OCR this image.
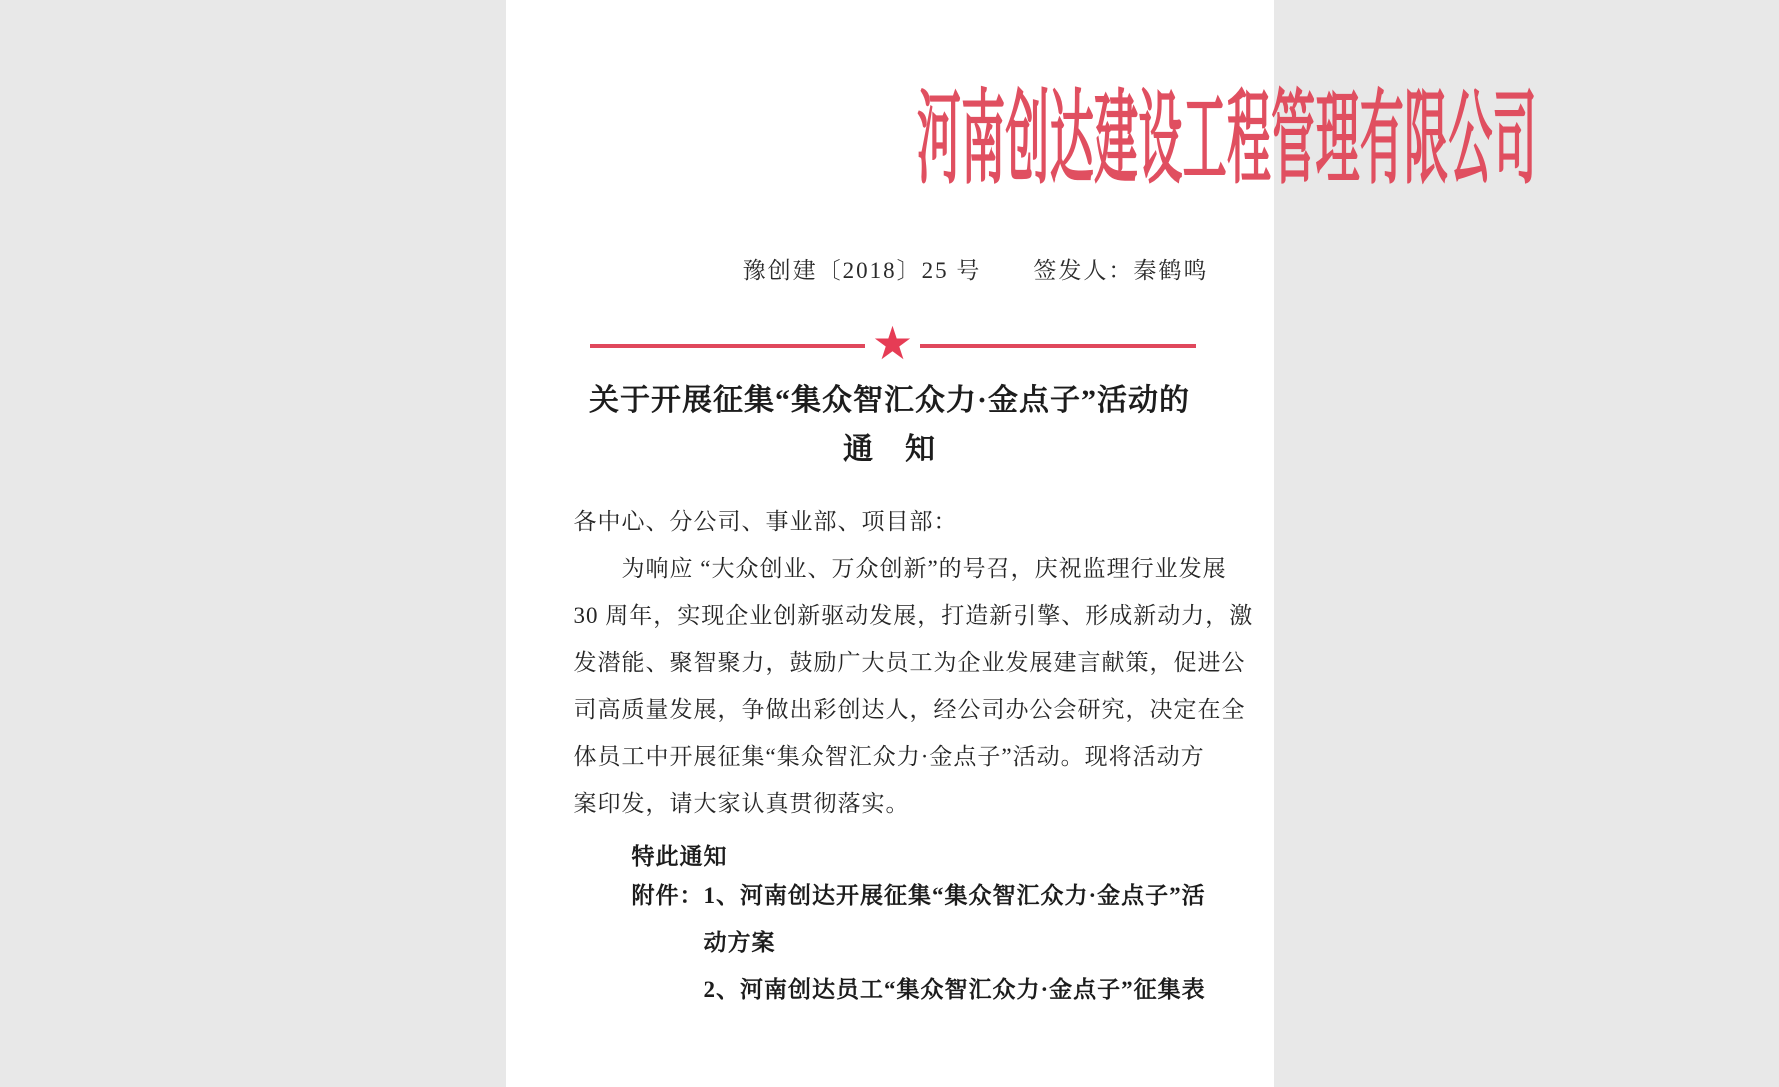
河南创达建设工程管理有限公司
豫创建〔2018〕25 号 签发人：秦鹤鸣
★
关于开展征集“集众智汇众力·金点子”活动的
通　知
各中心、分公司、事业部、项目部：
　　为响应 “大众创业、万众创新”的号召，庆祝监理行业发展
30 周年，实现企业创新驱动发展，打造新引擎、形成新动力，激
发潜能、聚智聚力，鼓励广大员工为企业发展建言献策，促进公
司高质量发展，争做出彩创达人，经公司办公会研究，决定在全
体员工中开展征集“集众智汇众力·金点子”活动。现将活动方
案印发，请大家认真贯彻落实。
特此通知
附件： 1、河南创达开展征集“集众智汇众力·金点子”活
动方案
2、河南创达员工“集众智汇众力·金点子”征集表
